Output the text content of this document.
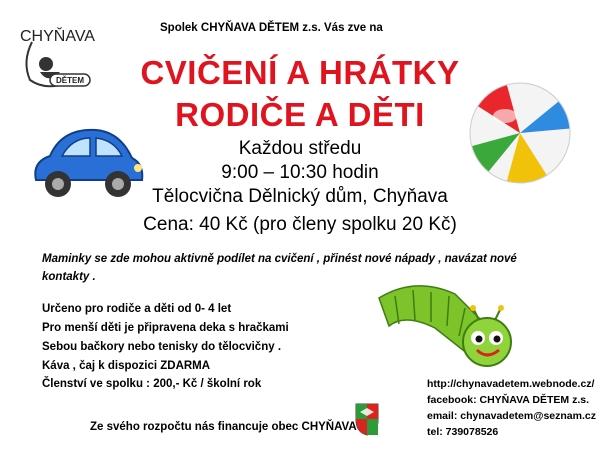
DĚTEM
CHYŇAVA	Spolek CHYŇAVA DĚTEM z.s. Vás zve na
CVIČENÍ A HRÁTKY
RODIČE A DĚTI
Každou středu
9:00 – 10:30 hodin
Tělocvična Dělnický dům, Chyňava
Cena: 40 Kč (pro členy spolku 20 Kč)
Maminky se zde mohou aktivně podílet na cvičení , přinést nové nápady , navázat nové kontakty .
Určeno pro rodiče a děti od 0- 4 let
Pro menší děti je připravena deka s hračkami
Sebou bačkory nebo tenisky do tělocvičny .
Káva , čaj k dispozici ZDARMA
Členství ve spolku : 200,- Kč / školní rok	http://chynavadetem.webnode.cz/
facebook: CHYŇAVA DĚTEM z.s.
email: chynavadetem@seznam.cz
tel: 739078526
Ze svého rozpočtu nás financuje obec CHYŇAVA
